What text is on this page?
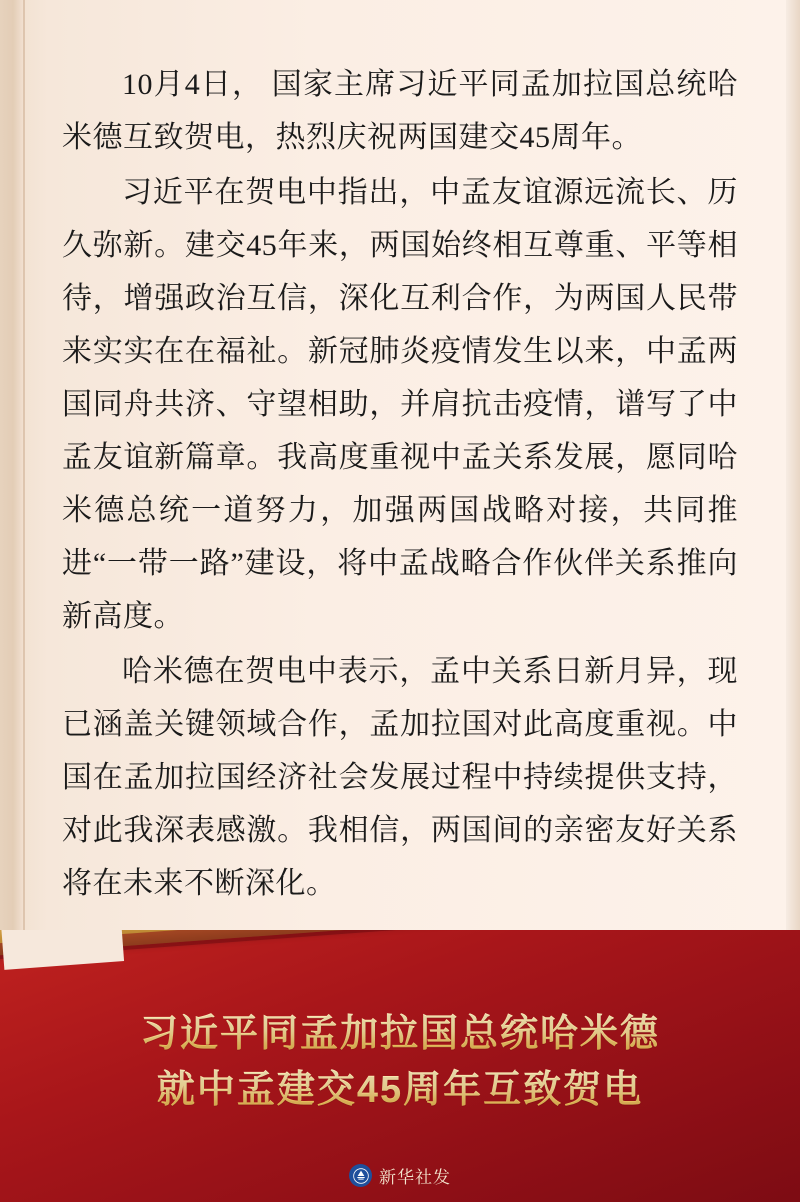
10月4日， 国家主席习近平同孟加拉国总统哈米德互致贺电，热烈庆祝两国建交45周年。

习近平在贺电中指出，中孟友谊源远流长、历久弥新。建交45年来，两国始终相互尊重、平等相待，增强政治互信，深化互利合作，为两国人民带来实实在在福祉。新冠肺炎疫情发生以来，中孟两国同舟共济、守望相助，并肩抗击疫情，谱写了中孟友谊新篇章。我高度重视中孟关系发展，愿同哈米德总统一道努力，加强两国战略对接，共同推进“一带一路”建设，将中孟战略合作伙伴关系推向新高度。

哈米德在贺电中表示，孟中关系日新月异，现已涵盖关键领域合作，孟加拉国对此高度重视。中国在孟加拉国经济社会发展过程中持续提供支持，对此我深表感激。我相信，两国间的亲密友好关系将在未来不断深化。

习近平同孟加拉国总统哈米德
就中孟建交45周年互致贺电
新华社发
